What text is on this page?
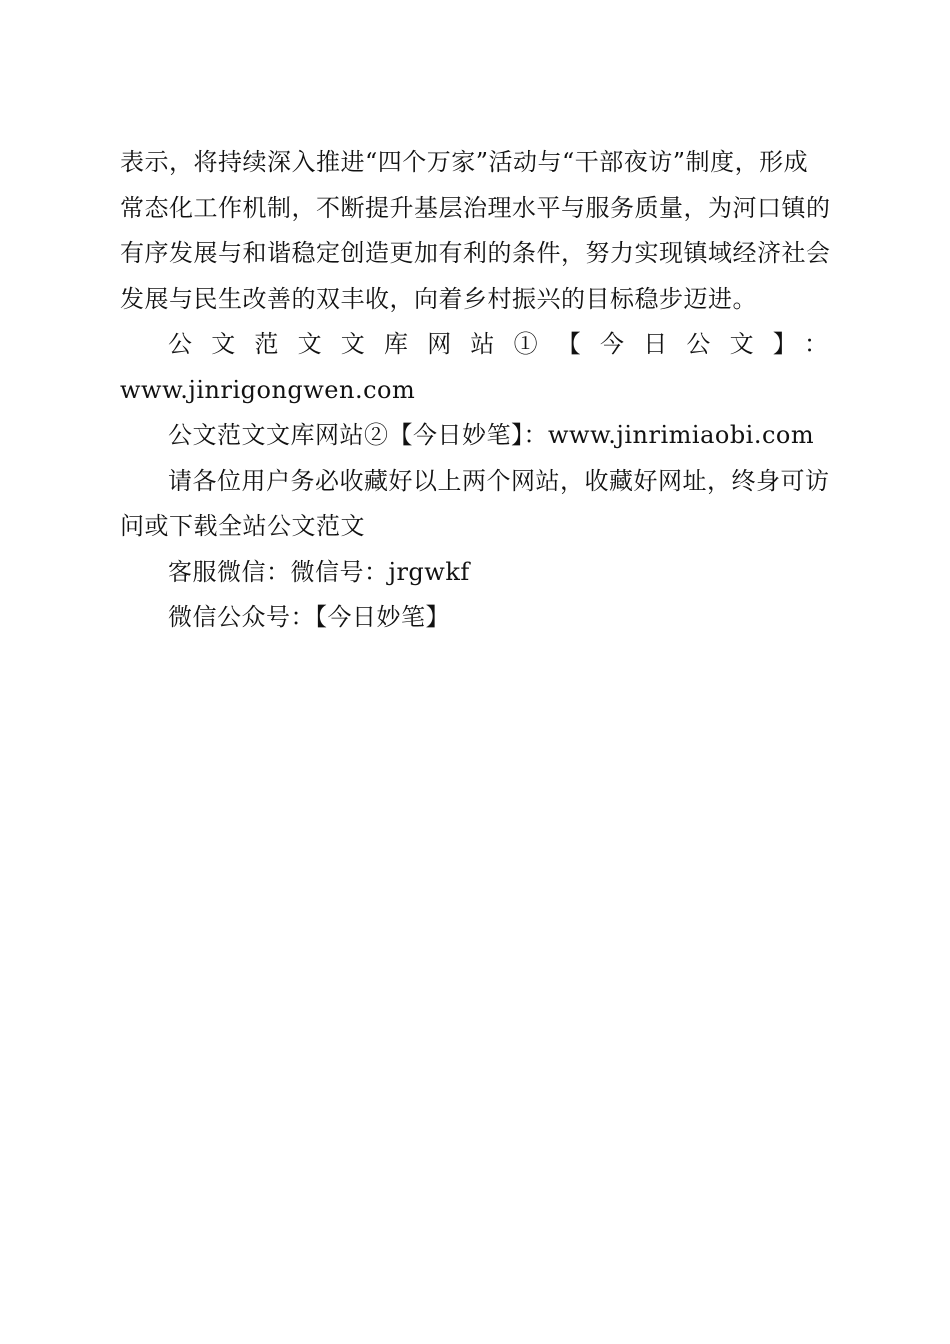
表示，将持续深入推进“四个万家”活动与“干部夜访”制度，形成常态化工作机制，不断提升基层治理水平与服务质量，为河口镇的有序发展与和谐稳定创造更加有利的条件，努力实现镇域经济社会发展与民生改善的双丰收，向着乡村振兴的目标稳步迈进。

公文范文文库网站①【今日公文】：
www.jinrigongwen.com

公文范文文库网站②【今日妙笔】：www.jinrimiaobi.com

请各位用户务必收藏好以上两个网站，收藏好网址，终身可访问或下载全站公文范文

客服微信：微信号：jrgwkf

微信公众号：【今日妙笔】
